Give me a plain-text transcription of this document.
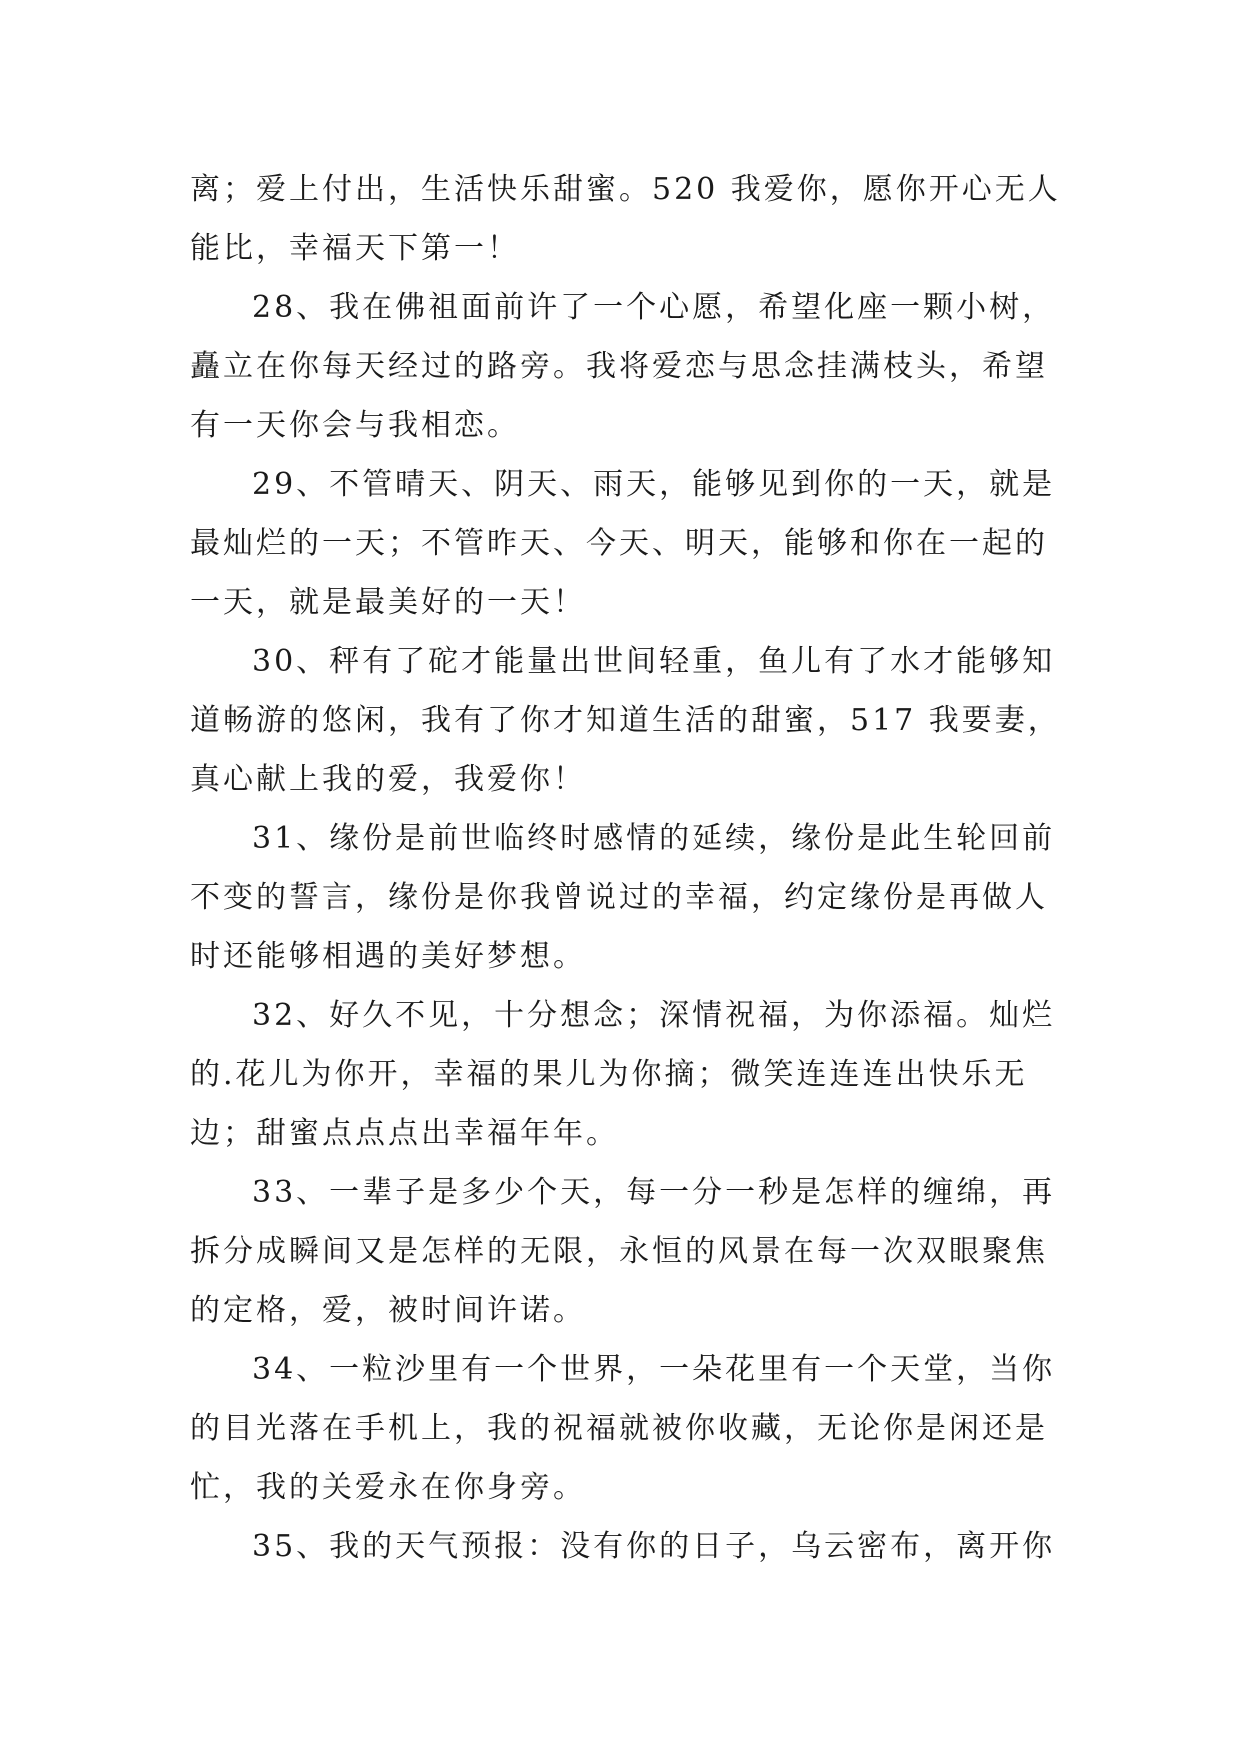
离；爱上付出，生活快乐甜蜜。520 我爱你，愿你开心无人
能比，幸福天下第一！
28、我在佛祖面前许了一个心愿，希望化座一颗小树，
矗立在你每天经过的路旁。我将爱恋与思念挂满枝头，希望
有一天你会与我相恋。
29、不管晴天、阴天、雨天，能够见到你的一天，就是
最灿烂的一天；不管昨天、今天、明天，能够和你在一起的
一天，就是最美好的一天！
30、秤有了砣才能量出世间轻重，鱼儿有了水才能够知
道畅游的悠闲，我有了你才知道生活的甜蜜，517 我要妻，
真心献上我的爱，我爱你！
31、缘份是前世临终时感情的延续，缘份是此生轮回前
不变的誓言，缘份是你我曾说过的幸福，约定缘份是再做人
时还能够相遇的美好梦想。
32、好久不见，十分想念；深情祝福，为你添福。灿烂
的.花儿为你开，幸福的果儿为你摘；微笑连连连出快乐无
边；甜蜜点点点出幸福年年。
33、一辈子是多少个天，每一分一秒是怎样的缠绵，再
拆分成瞬间又是怎样的无限，永恒的风景在每一次双眼聚焦
的定格，爱，被时间许诺。
34、一粒沙里有一个世界，一朵花里有一个天堂，当你
的目光落在手机上，我的祝福就被你收藏，无论你是闲还是
忙，我的关爱永在你身旁。
35、我的天气预报：没有你的日子，乌云密布，离开你
